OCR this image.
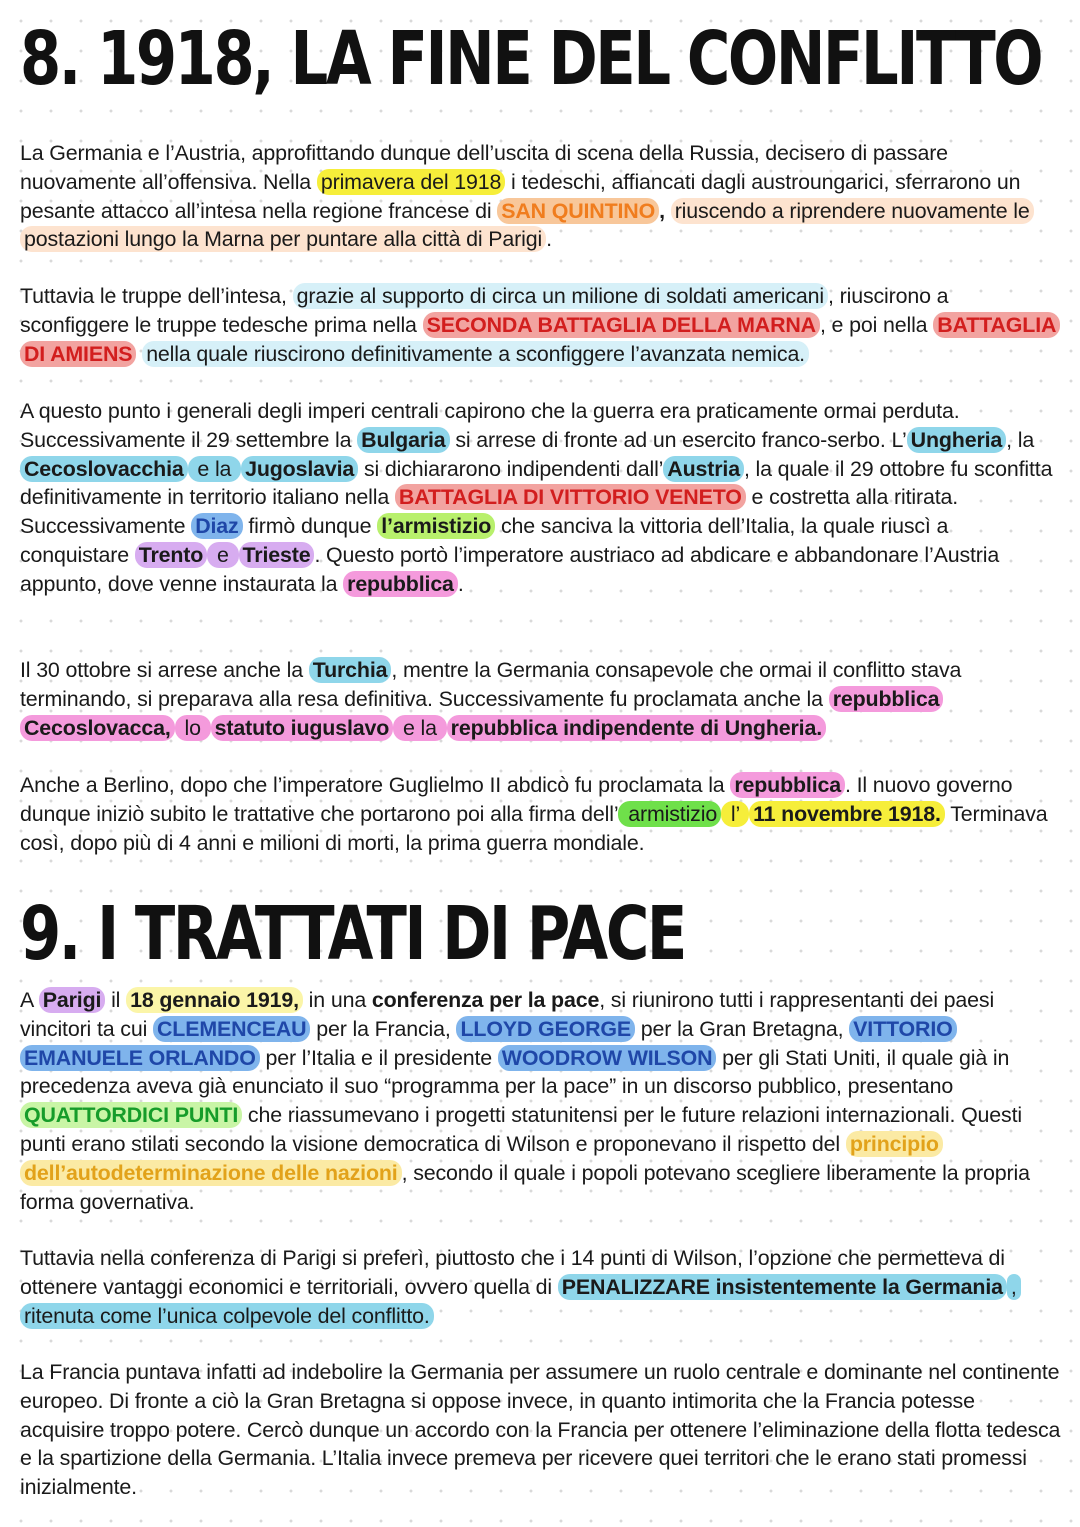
8. 1918, LA FINE DEL CONFLITTO

La Germania e l’Austria, approfittando dunque dell’uscita di scena della Russia, decisero di passare nuovamente all’offensiva. Nella primavera del 1918 i tedeschi, affiancati dagli austroungarici, sferrarono un pesante attacco all’intesa nella regione francese di SAN QUINTINO , riuscendo a riprendere nuovamente le postazioni lungo la Marna per puntare alla città di Parigi .

Tuttavia le truppe dell’intesa, grazie al supporto di circa un milione di soldati americani , riuscirono a sconfiggere le truppe tedesche prima nella SECONDA BATTAGLIA DELLA MARNA , e poi nella BATTAGLIA DI AMIENS nella quale riuscirono definitivamente a sconfiggere l’avanzata nemica.

A questo punto i generali degli imperi centrali capirono che la guerra era praticamente ormai perduta. Successivamente il 29 settembre la Bulgaria si arrese di fronte ad un esercito franco-serbo. L’ Ungheria , la Cecoslovacchia e la Jugoslavia si dichiararono indipendenti dall’ Austria , la quale il 29 ottobre fu sconfitta definitivamente in territorio italiano nella BATTAGLIA DI VITTORIO VENETO e costretta alla ritirata. Successivamente Diaz firmò dunque l’armistizio che sanciva la vittoria dell’Italia, la quale riuscì a conquistare Trento e Trieste . Questo portò l’imperatore austriaco ad abdicare e abbandonare l’Austria appunto, dove venne instaurata la repubblica .

Il 30 ottobre si arrese anche la Turchia , mentre la Germania consapevole che ormai il conflitto stava terminando, si preparava alla resa definitiva. Successivamente fu proclamata anche la repubblica Cecoslovacca, lo statuto iuguslavo e la repubblica indipendente di Ungheria.

Anche a Berlino, dopo che l’imperatore Guglielmo II abdicò fu proclamata la repubblica . Il nuovo governo dunque iniziò subito le trattative che portarono poi alla firma dell’ armistizio l’ 11 novembre 1918. Terminava così, dopo più di 4 anni e milioni di morti, la prima guerra mondiale.

9. I TRATTATI DI PACE

A Parigi il 18 gennaio 1919, in una conferenza per la pace, si riunirono tutti i rappresentanti dei paesi vincitori ta cui CLEMENCEAU per la Francia, LLOYD GEORGE per la Gran Bretagna, VITTORIO EMANUELE ORLANDO per l’Italia e il presidente WOODROW WILSON per gli Stati Uniti, il quale già in precedenza aveva già enunciato il suo “programma per la pace” in un discorso pubblico, presentano QUATTORDICI PUNTI che riassumevano i progetti statunitensi per le future relazioni internazionali. Questi punti erano stilati secondo la visione democratica di Wilson e proponevano il rispetto del principio dell’autodeterminazione delle nazioni , secondo il quale i popoli potevano scegliere liberamente la propria forma governativa.

Tuttavia nella conferenza di Parigi si preferì, piuttosto che i 14 punti di Wilson, l’opzione che permetteva di ottenere vantaggi economici e territoriali, ovvero quella di PENALIZZARE insistentemente la Germania , ritenuta come l’unica colpevole del conflitto.

La Francia puntava infatti ad indebolire la Germania per assumere un ruolo centrale e dominante nel continente europeo. Di fronte a ciò la Gran Bretagna si oppose invece, in quanto intimorita che la Francia potesse acquisire troppo potere. Cercò dunque un accordo con la Francia per ottenere l’eliminazione della flotta tedesca e la spartizione della Germania. L’Italia invece premeva per ricevere quei territori che le erano stati promessi inizialmente.
